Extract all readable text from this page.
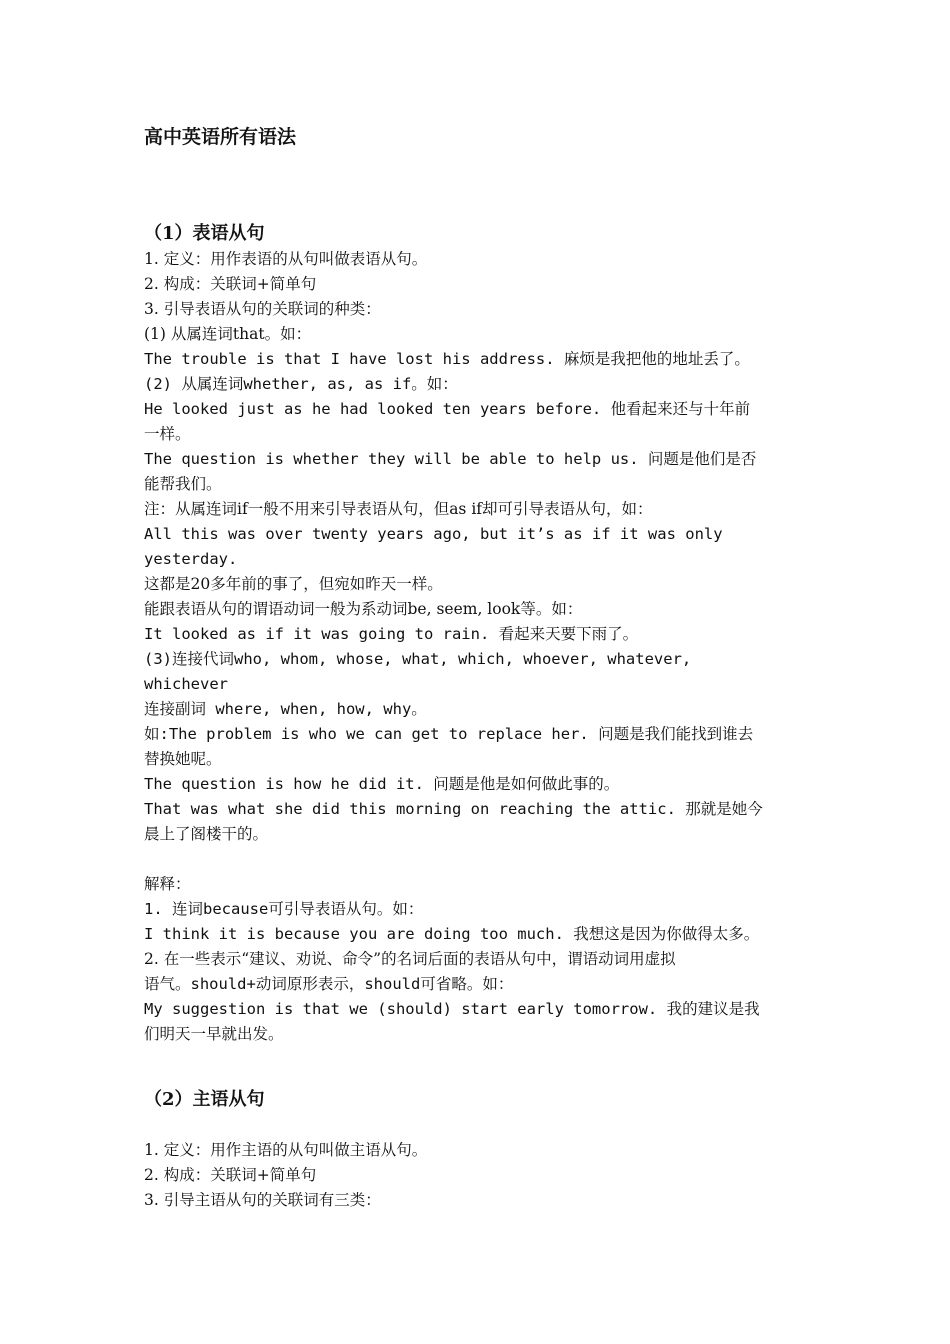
高中英语所有语法
（1）表语从句
1. 定义：用作表语的从句叫做表语从句。
2. 构成：关联词+简单句
3. 引导表语从句的关联词的种类：
(1) 从属连词that。如：
The trouble is that I have lost his address. 麻烦是我把他的地址丢了。
(2) 从属连词whether, as, as if。如：
He looked just as he had looked ten years before. 他看起来还与十年前
一样。
The question is whether they will be able to help us. 问题是他们是否
能帮我们。
注：从属连词if一般不用来引导表语从句，但as if却可引导表语从句，如：
All this was over twenty years ago, but it’s as if it was only
yesterday.
这都是20多年前的事了，但宛如昨天一样。
能跟表语从句的谓语动词一般为系动词be, seem, look等。如：
It looked as if it was going to rain. 看起来天要下雨了。
(3)连接代词who, whom, whose, what, which, whoever, whatever,
whichever
连接副词 where, when, how, why。
如:The problem is who we can get to replace her. 问题是我们能找到谁去
替换她呢。
The question is how he did it. 问题是他是如何做此事的。
That was what she did this morning on reaching the attic. 那就是她今
晨上了阁楼干的。
解释：
1. 连词because可引导表语从句。如：
I think it is because you are doing too much. 我想这是因为你做得太多。
2. 在一些表示“建议、劝说、命令”的名词后面的表语从句中，谓语动词用虚拟
语气。should+动词原形表示，should可省略。如：
My suggestion is that we (should) start early tomorrow. 我的建议是我
们明天一早就出发。
（2）主语从句
1. 定义：用作主语的从句叫做主语从句。
2. 构成：关联词+简单句
3. 引导主语从句的关联词有三类：
